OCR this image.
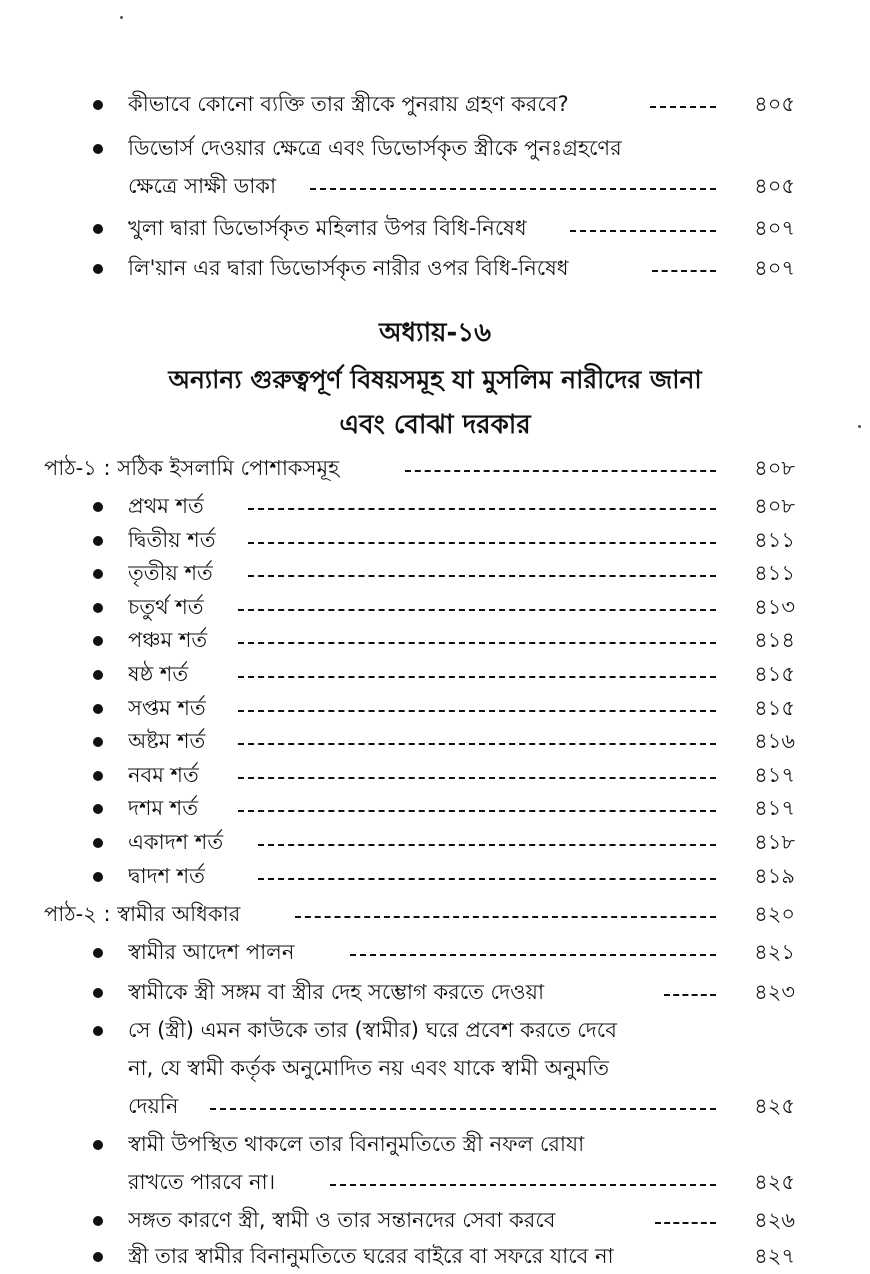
কীভাবে কোনো ব্যক্তি তার স্ত্রীকে পুনরায় গ্রহণ করবে?	৪০৫
ডিভোর্স দেওয়ার ক্ষেত্রে এবং ডিভোর্সকৃত স্ত্রীকে পুনঃগ্রহণের
ক্ষেত্রে সাক্ষী ডাকা	৪০৫
খুলা দ্বারা ডিভোর্সকৃত মহিলার উপর বিধি-নিষেধ	৪০৭
লি'য়ান এর দ্বারা ডিভোর্সকৃত নারীর ওপর বিধি-নিষেধ	৪০৭
অধ্যায়-১৬
অন্যান্য গুরুত্বপূর্ণ বিষয়সমূহ যা মুসলিম নারীদের জানা
এবং বোঝা দরকার
পাঠ-১ : সঠিক ইসলামি পোশাকসমূহ	৪০৮
প্রথম শর্ত	৪০৮
দ্বিতীয় শর্ত	৪১১
তৃতীয় শর্ত	৪১১
চতুর্থ শর্ত	৪১৩
পঞ্চম শর্ত	৪১৪
ষষ্ঠ শর্ত	৪১৫
সপ্তম শর্ত	৪১৫
অষ্টম শর্ত	৪১৬
নবম শর্ত	৪১৭
দশম শর্ত	৪১৭
একাদশ শর্ত	৪১৮
দ্বাদশ শর্ত	৪১৯
পাঠ-২ : স্বামীর অধিকার	৪২০
স্বামীর আদেশ পালন	৪২১
স্বামীকে স্ত্রী সঙ্গম বা স্ত্রীর দেহ সম্ভোগ করতে দেওয়া	৪২৩
সে (স্ত্রী) এমন কাউকে তার (স্বামীর) ঘরে প্রবেশ করতে দেবে
না, যে স্বামী কর্তৃক অনুমোদিত নয় এবং যাকে স্বামী অনুমতি
দেয়নি	৪২৫
স্বামী উপস্থিত থাকলে তার বিনানুমতিতে স্ত্রী নফল রোযা
রাখতে পারবে না।	৪২৫
সঙ্গত কারণে স্ত্রী, স্বামী ও তার সন্তানদের সেবা করবে	৪২৬
স্ত্রী তার স্বামীর বিনানুমতিতে ঘরের বাইরে বা সফরে যাবে না	৪২৭
